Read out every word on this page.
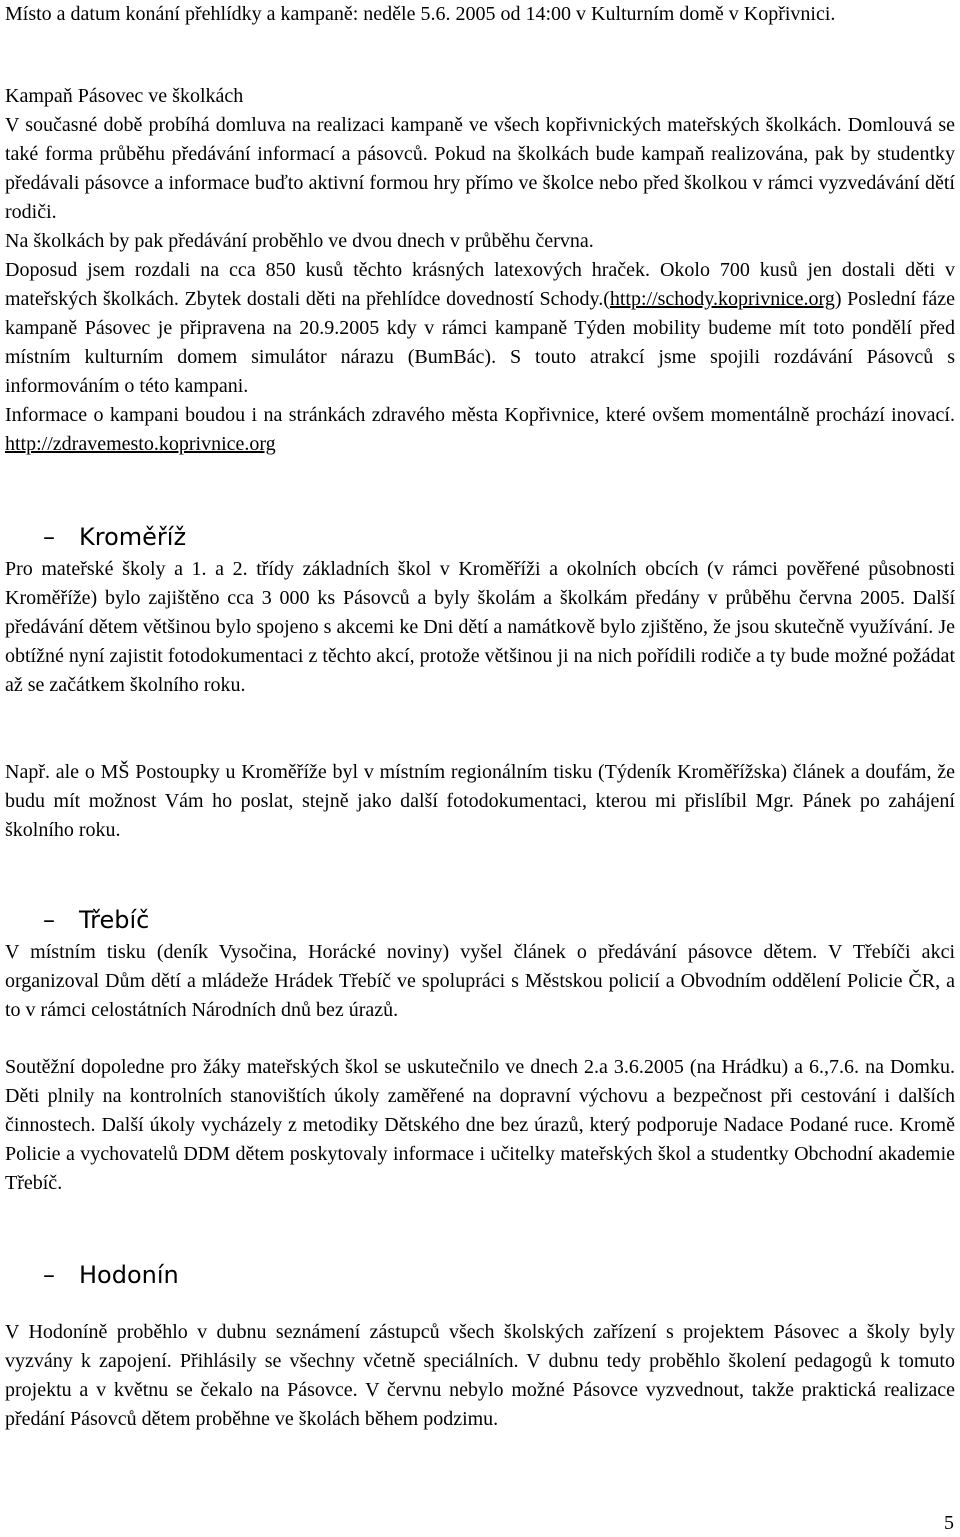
Místo a datum konání přehlídky a kampaně: neděle 5.6. 2005 od 14:00 v Kulturním domě v Kopřivnici.

Kampaň Pásovec ve školkách

V současné době probíhá domluva na realizaci kampaně ve všech kopřivnických mateřských školkách. Domlouvá se také forma průběhu předávání informací a pásovců. Pokud na školkách bude kampaň realizována, pak by studentky předávali pásovce a informace buďto aktivní formou hry přímo ve školce nebo před školkou v rámci vyzvedávání dětí rodiči.

Na školkách by pak předávání proběhlo ve dvou dnech v průběhu června.

Doposud jsem rozdali na cca 850 kusů těchto krásných latexových hraček. Okolo 700 kusů jen dostali děti v mateřských školkách. Zbytek dostali děti na přehlídce dovedností Schody.(http://schody.koprivnice.org) Poslední fáze kampaně Pásovec je připravena na 20.9.2005 kdy v rámci kampaně Týden mobility budeme mít toto pondělí před místním kulturním domem simulátor nárazu (BumBác). S touto atrakcí jsme spojili rozdávání Pásovců s informováním o této kampani.

Informace o kampani boudou i na stránkách zdravého města Kopřivnice, které ovšem momentálně prochází inovací. http://zdravemesto.koprivnice.org

– Kroměříž

Pro mateřské školy a 1. a 2. třídy základních škol v Kroměříži a okolních obcích (v rámci pověřené působnosti Kroměříže) bylo zajištěno cca 3 000 ks Pásovců a byly školám a školkám předány v průběhu června 2005. Další předávání dětem většinou bylo spojeno s akcemi ke Dni dětí a namátkově bylo zjištěno, že jsou skutečně využívání. Je obtížné nyní zajistit fotodokumentaci z těchto akcí, protože většinou ji na nich pořídili rodiče a ty bude možné požádat až se začátkem školního roku.

Např. ale o MŠ Postoupky u Kroměříže byl v místním regionálním tisku (Týdeník Kroměřížska) článek a doufám, že budu mít možnost Vám ho poslat, stejně jako další fotodokumentaci, kterou mi přislíbil Mgr. Pánek po zahájení školního roku.

– Třebíč

V místním tisku (deník Vysočina, Horácké noviny) vyšel článek o předávání pásovce dětem. V Třebíči akci organizoval Dům dětí a mládeže Hrádek Třebíč ve spolupráci s Městskou policií a Obvodním oddělení Policie ČR, a to v rámci celostátních Národních dnů bez úrazů.

Soutěžní dopoledne pro žáky mateřských škol se uskutečnilo ve dnech 2.a 3.6.2005 (na Hrádku) a 6.,7.6. na Domku. Děti plnily na kontrolních stanovištích úkoly zaměřené na dopravní výchovu a bezpečnost při cestování i dalších činnostech. Další úkoly vycházely z metodiky Dětského dne bez úrazů, který podporuje Nadace Podané ruce. Kromě Policie a vychovatelů DDM dětem poskytovaly informace i učitelky mateřských škol a studentky Obchodní akademie Třebíč.

– Hodonín

V Hodoníně proběhlo v dubnu seznámení zástupců všech školských zařízení s projektem Pásovec a školy byly vyzvány k zapojení. Přihlásily se všechny včetně speciálních. V dubnu tedy proběhlo školení pedagogů k tomuto projektu a v květnu se čekalo na Pásovce. V červnu nebylo možné Pásovce vyzvednout, takže praktická realizace předání Pásovců dětem proběhne ve školách během podzimu.

5
